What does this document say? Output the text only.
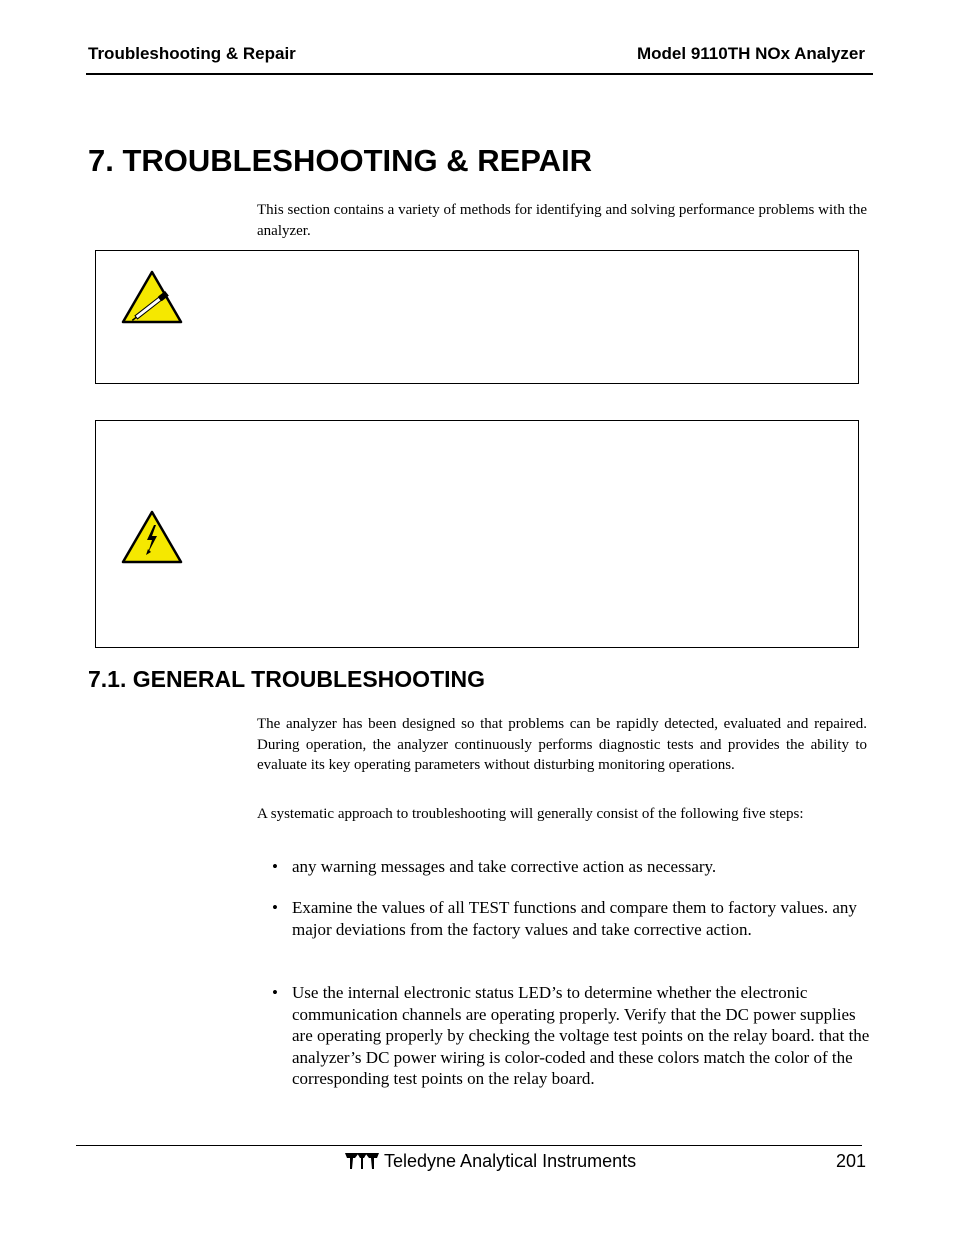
Troubleshooting & Repair	Model 9110TH NOx Analyzer
7. TROUBLESHOOTING & REPAIR
This section contains a variety of methods for identifying and solving performance problems with the analyzer.
7.1. GENERAL TROUBLESHOOTING
The analyzer has been designed so that problems can be rapidly detected, evaluated and repaired. During operation, the analyzer continuously performs diagnostic tests and provides the ability to evaluate its key operating parameters without disturbing monitoring operations.
A systematic approach to troubleshooting will generally consist of the following five steps:
• any warning messages and take corrective action as necessary.
• Examine the values of all TEST functions and compare them to factory values. any major deviations from the factory values and take corrective action.
• Use the internal electronic status LED’s to determine whether the electronic communication channels are operating properly. Verify that the DC power supplies are operating properly by checking the voltage test points on the relay board. that the analyzer’s DC power wiring is color-coded and these colors match the color of the corresponding test points on the relay board.
Teledyne Analytical Instruments	201
